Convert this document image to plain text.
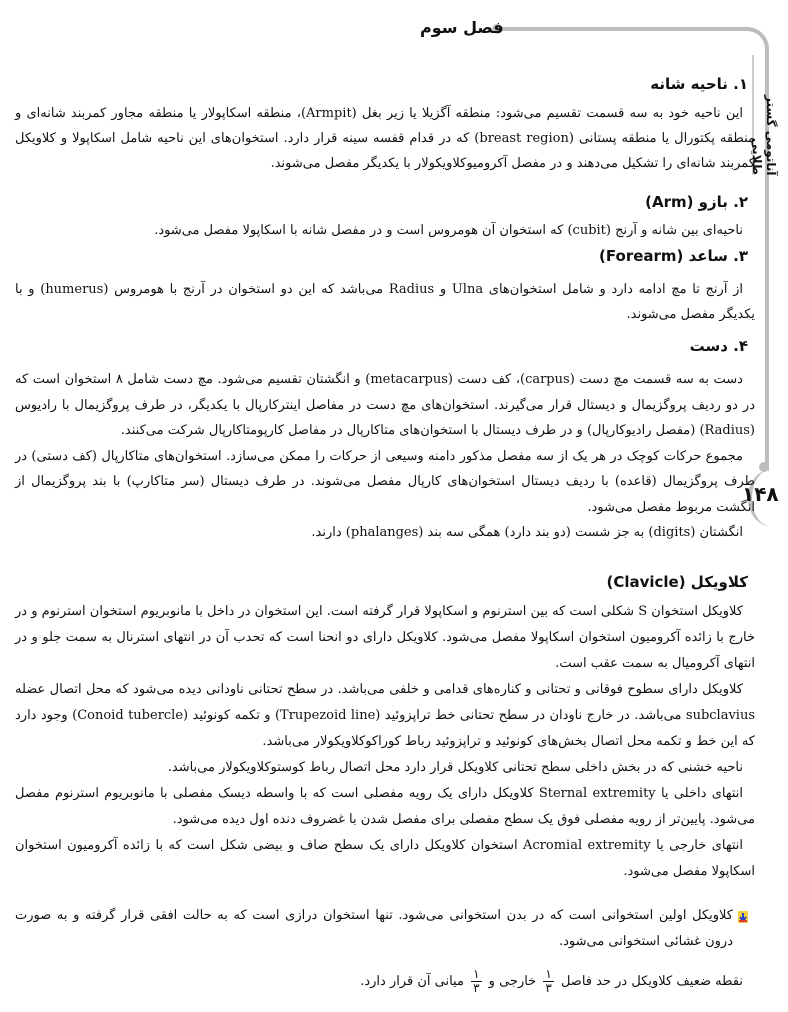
فصل سوم
آناتومی گستر طلایی
۱۴۸
۱. ناحیه شانه

این ناحیه خود به سه قسمت تقسیم می‌شود: منطقه آگزیلا یا زیر بغل (Armpit)، منطقه اسکاپولار یا منطقه مجاور کمربند شانه‌ای و منطقه پکتورال یا منطقه پستانی (breast region) که در قدام قفسه سینه قرار دارد. استخوان‌های این ناحیه شامل اسکاپولا و کلاویکل کمربند شانه‌ای را تشکیل می‌دهند و در مفصل آکرومیوکلاویکولار با یکدیگر مفصل می‌شوند.

۲. بازو (Arm)

ناحیه‌ای بین شانه و آرنج (cubit) که استخوان آن هومروس است و در مفصل شانه با اسکاپولا مفصل می‌شود.

۳. ساعد (Forearm)

از آرنج تا مچ ادامه دارد و شامل استخوان‌های Ulna و Radius می‌باشد که این دو استخوان در آرنج با هومروس (humerus) و با یکدیگر مفصل می‌شوند.

۴. دست

دست به سه قسمت مچ دست (carpus)، کف دست (metacarpus) و انگشتان تقسیم می‌شود. مچ دست شامل ۸ استخوان است که در دو ردیف پروگزیمال و دیستال قرار می‌گیرند. استخوان‌های مچ دست در مفاصل اینترکارپال با یکدیگر، در طرف پروگزیمال با رادیوس (Radius) (مفصل رادیوکارپال) و در طرف دیستال با استخوان‌های متاکارپال در مفاصل کارپومتاکارپال شرکت می‌کنند.

مجموع حرکات کوچک در هر یک از سه مفصل مذکور دامنه وسیعی از حرکات را ممکن می‌سازد. استخوان‌های متاکارپال (کف دستی) در طرف پروگزیمال (قاعده) با ردیف دیستال استخوان‌های کارپال مفصل می‌شوند. در طرف دیستال (سر متاکارپ) با بند پروگزیمال از انگشت مربوط مفصل می‌شود.

انگشتان (digits) به جز شست (دو بند دارد) همگی سه بند (phalanges) دارند.

کلاویکل (Clavicle)

کلاویکل استخوان S شکلی است که بین استرنوم و اسکاپولا قرار گرفته است. این استخوان در داخل با مانوبریوم استخوان استرنوم و در خارج با زائده آکرومیون استخوان اسکاپولا مفصل می‌شود. کلاویکل دارای دو انحنا است که تحدب آن در انتهای استرنال به سمت جلو و در انتهای آکرومیال به سمت عقب است.

کلاویکل دارای سطوح فوقانی و تحتانی و کناره‌های قدامی و خلفی می‌باشد. در سطح تحتانی ناودانی دیده می‌شود که محل اتصال عضله subclavius می‌باشد. در خارج ناودان در سطح تحتانی خط تراپزوئید (Trupezoid line) و تکمه کونوئید (Conoid tubercle) وجود دارد که این خط و تکمه محل اتصال بخش‌های کونوئید و تراپزوئید رباط کوراکوکلاویکولار می‌باشد.

ناحیه خشنی که در بخش داخلی سطح تحتانی کلاویکل قرار دارد محل اتصال رباط کوستوکلاویکولار می‌باشد.

انتهای داخلی یا Sternal extremity کلاویکل دارای یک رویه مفصلی است که با واسطه دیسک مفصلی با مانوبریوم استرنوم مفصل می‌شود. پایین‌تر از رویه مفصلی فوق یک سطح مفصلی برای مفصل شدن با غضروف دنده اول دیده می‌شود.

انتهای خارجی یا Acromial extremity استخوان کلاویکل دارای یک سطح صاف و بیضی شکل است که با زائده آکرومیون استخوان اسکاپولا مفصل می‌شود.

کلاویکل اولین استخوانی است که در بدن استخوانی می‌شود. تنها استخوان درازی است که به حالت افقی قرار گرفته و به صورت درون غشائی استخوانی می‌شود.

نقطه ضعیف کلاویکل در حد فاصل
$\frac{۱}{۳}$
خارجی و
$\frac{۱}{۳}$
میانی آن قرار دارد.
